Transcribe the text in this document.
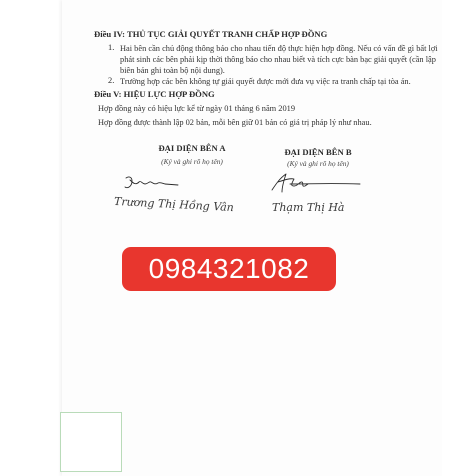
Điều IV: THỦ TỤC GIẢI QUYẾT TRANH CHẤP HỢP ĐỒNG
1. Hai bên cần chủ động thông báo cho nhau tiến độ thực hiện hợp đồng. Nếu có vấn đề gì bất lợi phát sinh các bên phải kịp thời thông báo cho nhau biết và tích cực bàn bạc giải quyết (cần lập biên bản ghi toàn bộ nội dung).
2. Trường hợp các bên không tự giải quyết được mới đưa vụ việc ra tranh chấp tại tòa án.
Điều V: HIỆU LỰC HỢP ĐỒNG
Hợp đồng này có hiệu lực kể từ ngày 01 tháng 6 năm 2019
Hợp đồng được thành lập 02 bản, mỗi bên giữ 01 bản có giá trị pháp lý như nhau.
ĐẠI DIỆN BÊN A
(Ký và ghi rõ họ tên)
ĐẠI DIỆN BÊN B
(Ký và ghi rõ họ tên)
Trương Thị Hồng Vân	Thạm Thị Hà
0984321082
